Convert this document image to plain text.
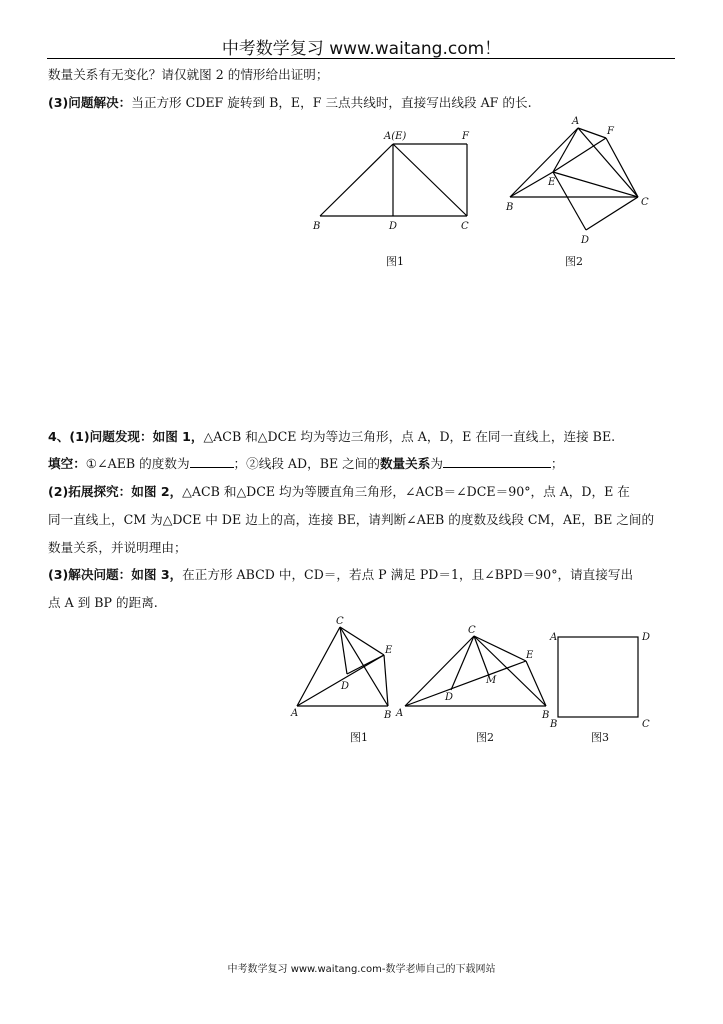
中考数学复习 www.waitang.com！
数量关系有无变化？请仅就图 2 的情形给出证明；
(3)问题解决：当正方形 CDEF 旋转到 B，E，F 三点共线时，直接写出线段 AF 的长.
A(E)	F
B	D	C
图1
A
F
E
B	C
D
图2
C
E
D
A	B
图1
C
E
M
D
A	B
图2
A	D
B	C
图3
4、(1)问题发现：如图 1，△ACB 和△DCE 均为等边三角形，点 A，D，E 在同一直线上，连接 BE.
填空：①∠AEB 的度数为	；②线段 AD，BE 之间的数量关系为	；
(2)拓展探究：如图 2，△ACB 和△DCE 均为等腰直角三角形，∠ACB＝∠DCE＝90°，点 A，D，E 在
同一直线上，CM 为△DCE 中 DE 边上的高，连接 BE，请判断∠AEB 的度数及线段 CM，AE，BE 之间的
数量关系，并说明理由；
(3)解决问题：如图 3，在正方形 ABCD 中，CD＝，若点 P 满足 PD＝1，且∠BPD＝90°，请直接写出
点 A 到 BP 的距离.
中考数学复习 www.waitang.com-数学老师自己的下载网站
